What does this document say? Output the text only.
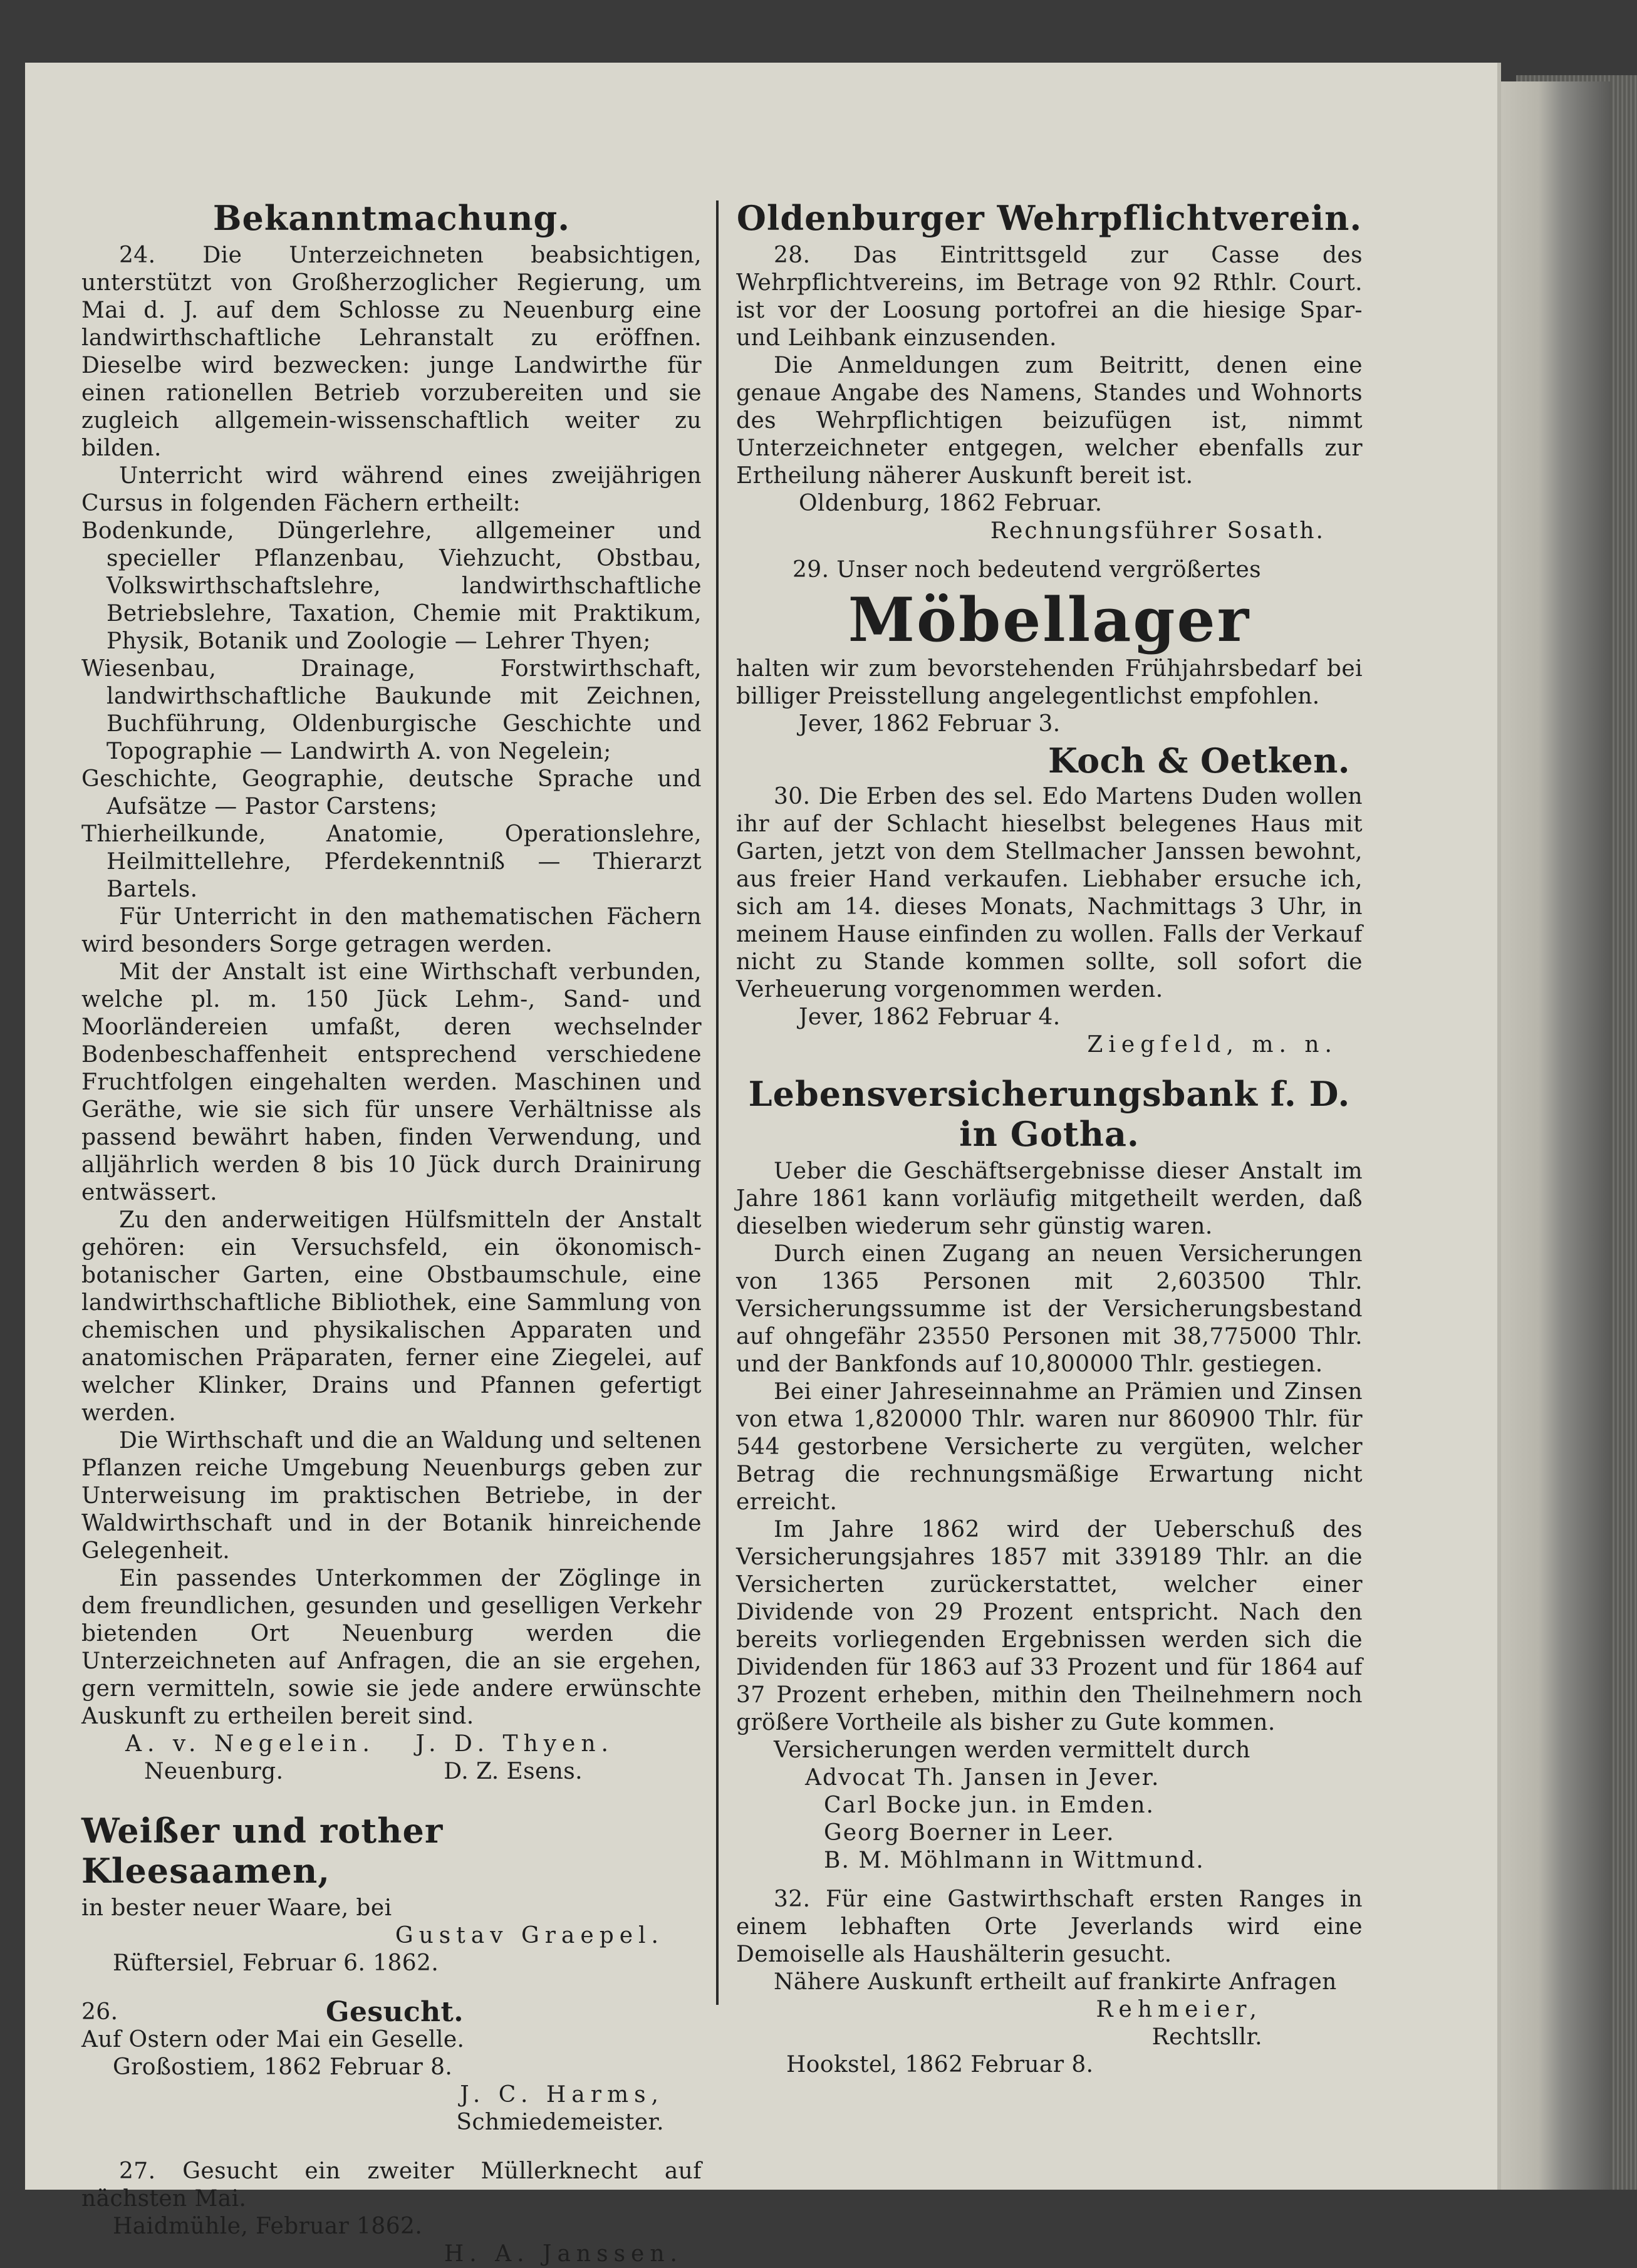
Bekanntmachung.

24. Die Unterzeichneten beabsichtigen, unterstützt von Großherzoglicher Regierung, um Mai d. J. auf dem Schlosse zu Neuenburg eine landwirthschaftliche Lehranstalt zu eröffnen. Dieselbe wird bezwecken: junge Landwirthe für einen rationellen Betrieb vorzubereiten und sie zugleich allgemein-wissenschaftlich weiter zu bilden.

Unterricht wird während eines zweijährigen Cursus in folgenden Fächern ertheilt:

Bodenkunde, Düngerlehre, allgemeiner und specieller Pflanzenbau, Viehzucht, Obstbau, Volkswirthschaftslehre, landwirthschaftliche Betriebslehre, Taxation, Chemie mit Praktikum, Physik, Botanik und Zoologie — Lehrer Thyen;

Wiesenbau, Drainage, Forstwirthschaft, landwirthschaftliche Baukunde mit Zeichnen, Buchführung, Oldenburgische Geschichte und Topographie — Landwirth A. von Negelein;

Geschichte, Geographie, deutsche Sprache und Aufsätze — Pastor Carstens;

Thierheilkunde, Anatomie, Operationslehre, Heilmittellehre, Pferdekenntniß — Thierarzt Bartels.

Für Unterricht in den mathematischen Fächern wird besonders Sorge getragen werden.

Mit der Anstalt ist eine Wirthschaft verbunden, welche pl. m. 150 Jück Lehm-, Sand- und Moorländereien umfaßt, deren wechselnder Bodenbeschaffenheit entsprechend verschiedene Fruchtfolgen eingehalten werden. Maschinen und Geräthe, wie sie sich für unsere Verhältnisse als passend bewährt haben, finden Verwendung, und alljährlich werden 8 bis 10 Jück durch Drainirung entwässert.

Zu den anderweitigen Hülfsmitteln der Anstalt gehören: ein Versuchsfeld, ein ökonomisch-botanischer Garten, eine Obstbaumschule, eine landwirthschaftliche Bibliothek, eine Sammlung von chemischen und physikalischen Apparaten und anatomischen Präparaten, ferner eine Ziegelei, auf welcher Klinker, Drains und Pfannen gefertigt werden.

Die Wirthschaft und die an Waldung und seltenen Pflanzen reiche Umgebung Neuenburgs geben zur Unterweisung im praktischen Betriebe, in der Waldwirthschaft und in der Botanik hinreichende Gelegenheit.

Ein passendes Unterkommen der Zöglinge in dem freundlichen, gesunden und geselligen Verkehr bietenden Ort Neuenburg werden die Unterzeichneten auf Anfragen, die an sie ergehen, gern vermitteln, sowie sie jede andere erwünschte Auskunft zu ertheilen bereit sind.

A. v. Negelein. J. D. Thyen.
Neuenburg.	D. Z. Esens.
Weißer und rother Kleesaamen,

in bester neuer Waare, bei

Gustav Graepel.

Rüftersiel, Februar 6. 1862.

26.	Gesucht.

Auf Ostern oder Mai ein Geselle.

Großostiem, 1862 Februar 8.

J. C. Harms,

Schmiedemeister.

27. Gesucht ein zweiter Müllerknecht auf nächsten Mai.

Haidmühle, Februar 1862.

H. A. Janssen.

Oldenburger Wehrpflichtverein.

28. Das Eintrittsgeld zur Casse des Wehrpflichtvereins, im Betrage von 92 Rthlr. Court. ist vor der Loosung portofrei an die hiesige Spar- und Leihbank einzusenden.

Die Anmeldungen zum Beitritt, denen eine genaue Angabe des Namens, Standes und Wohnorts des Wehrpflichtigen beizufügen ist, nimmt Unterzeichneter entgegen, welcher ebenfalls zur Ertheilung näherer Auskunft bereit ist.

Oldenburg, 1862 Februar.

Rechnungsführer Sosath.

29. Unser noch bedeutend vergrößertes

Möbellager

halten wir zum bevorstehenden Frühjahrsbedarf bei billiger Preisstellung angelegentlichst empfohlen.

Jever, 1862 Februar 3.

Koch & Oetken.

30. Die Erben des sel. Edo Martens Duden wollen ihr auf der Schlacht hieselbst belegenes Haus mit Garten, jetzt von dem Stellmacher Janssen bewohnt, aus freier Hand verkaufen. Liebhaber ersuche ich, sich am 14. dieses Monats, Nachmittags 3 Uhr, in meinem Hause einfinden zu wollen. Falls der Verkauf nicht zu Stande kommen sollte, soll sofort die Verheuerung vorgenommen werden.

Jever, 1862 Februar 4.

Ziegfeld, m. n.

Lebensversicherungsbank f. D.
in Gotha.

Ueber die Geschäftsergebnisse dieser Anstalt im Jahre 1861 kann vorläufig mitgetheilt werden, daß dieselben wiederum sehr günstig waren.

Durch einen Zugang an neuen Versicherungen von 1365 Personen mit 2,603500 Thlr. Versicherungssumme ist der Versicherungsbestand auf ohngefähr 23550 Personen mit 38,775000 Thlr. und der Bankfonds auf 10,800000 Thlr. gestiegen.

Bei einer Jahreseinnahme an Prämien und Zinsen von etwa 1,820000 Thlr. waren nur 860900 Thlr. für 544 gestorbene Versicherte zu vergüten, welcher Betrag die rechnungsmäßige Erwartung nicht erreicht.

Im Jahre 1862 wird der Ueberschuß des Versicherungsjahres 1857 mit 339189 Thlr. an die Versicherten zurückerstattet, welcher einer Dividende von 29 Prozent entspricht. Nach den bereits vorliegenden Ergebnissen werden sich die Dividenden für 1863 auf 33 Prozent und für 1864 auf 37 Prozent erheben, mithin den Theilnehmern noch größere Vortheile als bisher zu Gute kommen.

Versicherungen werden vermittelt durch

Advocat Th. Jansen in Jever.

Carl Bocke jun. in Emden.

Georg Boerner in Leer.

B. M. Möhlmann in Wittmund.

32. Für eine Gastwirthschaft ersten Ranges in einem lebhaften Orte Jeverlands wird eine Demoiselle als Haushälterin gesucht.

Nähere Auskunft ertheilt auf frankirte Anfragen

Rehmeier,

Rechtsllr.

Hookstel, 1862 Februar 8.
